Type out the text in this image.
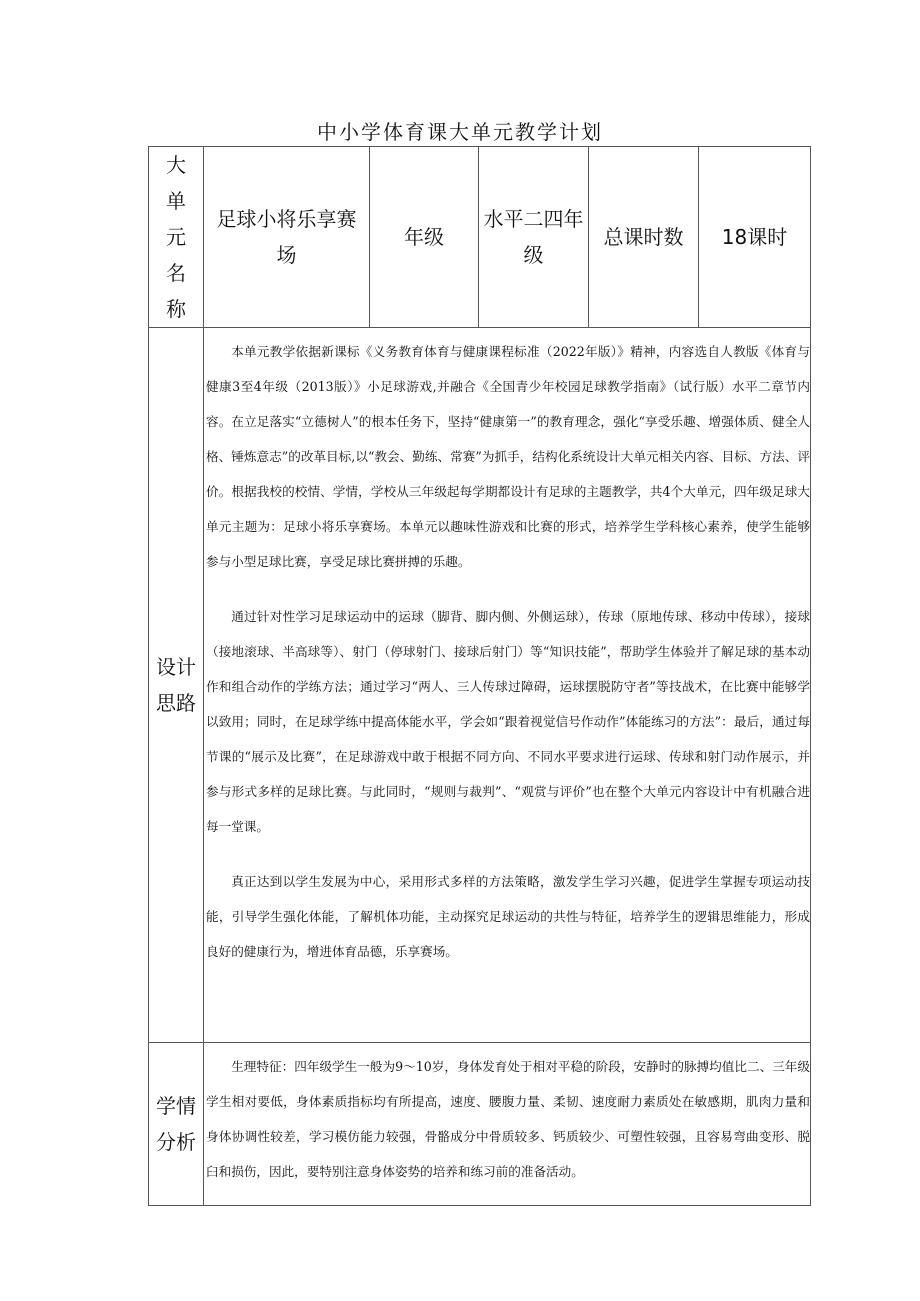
中小学体育课大单元教学计划
大单元名称	足球小将乐享赛场	年级	水平二四年级	总课时数	18课时
设计思路	本单元教学依据新课标《义务教育体育与健康课程标准（2022年版）》精神，内容选自人教版《体育与健康3至4年级（2013版）》小足球游戏,并融合《全国青少年校园足球教学指南》（试行版）水平二章节内容。在立足落实“立德树人”的根本任务下，坚持“健康第一”的教育理念，强化“享受乐趣、增强体质、健全人格、锤炼意志”的改革目标,以“教会、勤练、常赛”为抓手，结构化系统设计大单元相关内容、目标、方法、评价。根据我校的校情、学情，学校从三年级起每学期都设计有足球的主题教学，共4个大单元，四年级足球大单元主题为：足球小将乐享赛场。本单元以趣味性游戏和比赛的形式，培养学生学科核心素养，使学生能够参与小型足球比赛，享受足球比赛拼搏的乐趣。

通过针对性学习足球运动中的运球（脚背、脚内侧、外侧运球），传球（原地传球、移动中传球），接球（接地滚球、半高球等）、射门（停球射门、接球后射门）等“知识技能”，帮助学生体验并了解足球的基本动作和组合动作的学练方法；通过学习“两人、三人传球过障碍，运球摆脱防守者”等技战术，在比赛中能够学以致用；同时，在足球学练中提高体能水平，学会如“跟着视觉信号作动作”体能练习的方法”：最后，通过每节课的“展示及比赛”，在足球游戏中敢于根据不同方向、不同水平要求进行运球、传球和射门动作展示，并参与形式多样的足球比赛。与此同时，“规则与裁判”、“观赏与评价”也在整个大单元内容设计中有机融合进每一堂课。

真正达到以学生发展为中心，采用形式多样的方法策略，激发学生学习兴趣，促进学生掌握专项运动技能，引导学生强化体能，了解机体功能，主动探究足球运动的共性与特征，培养学生的逻辑思维能力，形成良好的健康行为，增进体育品德，乐享赛场。				

学情分析	生理特征：四年级学生一般为9～10岁，身体发育处于相对平稳的阶段，安静时的脉搏均值比二、三年级学生相对要低，身体素质指标均有所提高，速度、腰腹力量、柔韧、速度耐力素质处在敏感期，肌肉力量和身体协调性较差，学习模仿能力较强，骨骼成分中骨质较多、钙质较少、可塑性较强，且容易弯曲变形、脱臼和损伤，因此，要特别注意身体姿势的培养和练习前的准备活动。				
